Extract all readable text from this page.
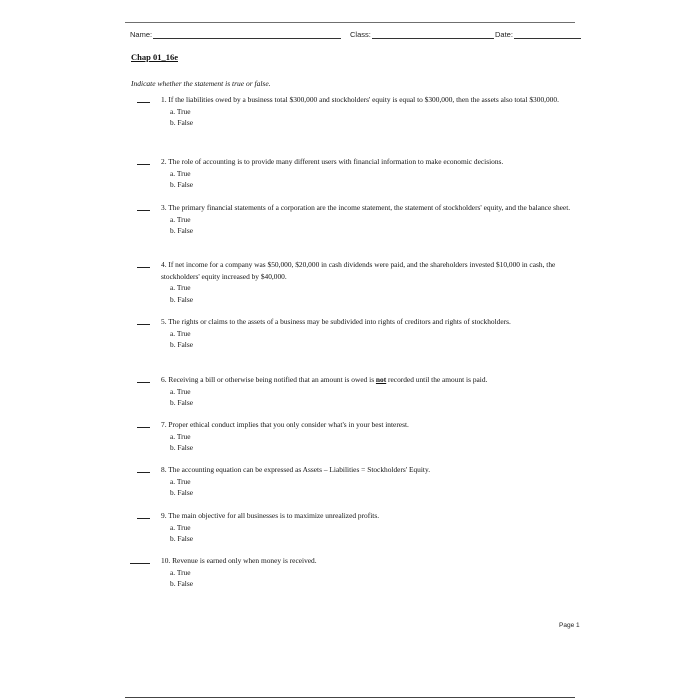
Name:	Class:	Date:
Chap 01_16e
Indicate whether the statement is true or false.
1. If the liabilities owed by a business total $300,000 and stockholders' equity is equal to $300,000, then the assets also total $300,000.
a. True
b. False
2. The role of accounting is to provide many different users with financial information to make economic decisions.
a. True
b. False
3. The primary financial statements of a corporation are the income statement, the statement of stockholders' equity, and the balance sheet.
a. True
b. False
4. If net income for a company was $50,000, $20,000 in cash dividends were paid, and the shareholders invested $10,000 in cash, the stockholders' equity increased by $40,000.
a. True
b. False
5. The rights or claims to the assets of a business may be subdivided into rights of creditors and rights of stockholders.
a. True
b. False
6. Receiving a bill or otherwise being notified that an amount is owed is not recorded until the amount is paid.
a. True
b. False
7. Proper ethical conduct implies that you only consider what's in your best interest.
a. True
b. False
8. The accounting equation can be expressed as Assets – Liabilities = Stockholders' Equity.
a. True
b. False
9. The main objective for all businesses is to maximize unrealized profits.
a. True
b. False
10. Revenue is earned only when money is received.
a. True
b. False
Page 1
